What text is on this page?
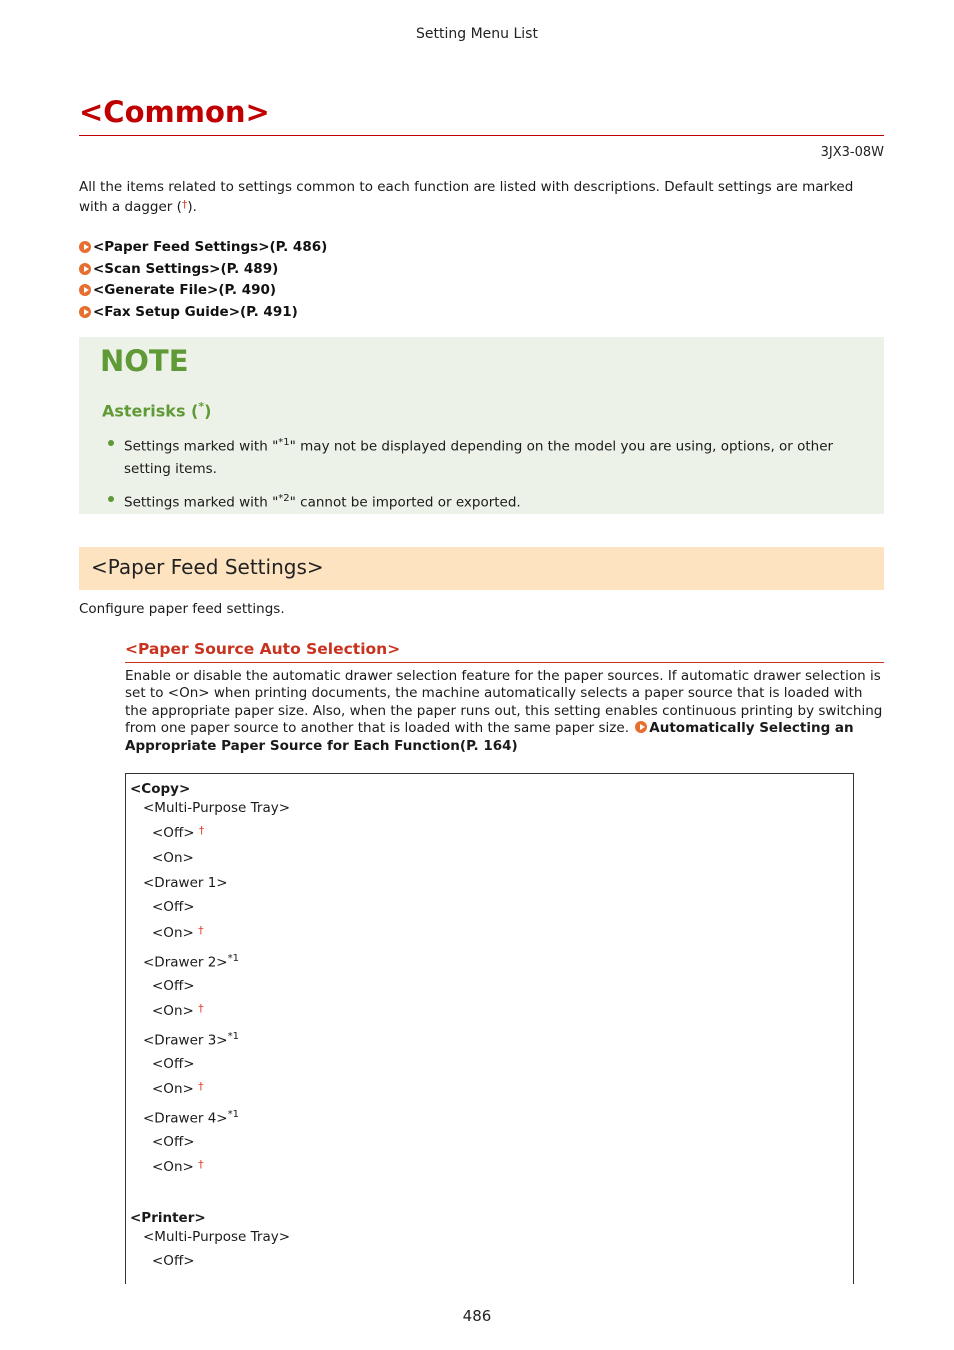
Setting Menu List
<Common>
3JX3-08W
All the items related to settings common to each function are listed with descriptions. Default settings are marked with a dagger (†).
<Paper Feed Settings>(P. 486)
<Scan Settings>(P. 489)
<Generate File>(P. 490)
<Fax Setup Guide>(P. 491)
NOTE
Asterisks (*)
Settings marked with "$^{*1}$" may not be displayed depending on the model you are using, options, or other setting items.
Settings marked with "$^{*2}$" cannot be imported or exported.
<Paper Feed Settings>
Configure paper feed settings.
<Paper Source Auto Selection>
Enable or disable the automatic drawer selection feature for the paper sources. If automatic drawer selection is set to <On> when printing documents, the machine automatically selects a paper source that is loaded with the appropriate paper size. Also, when the paper runs out, this setting enables continuous printing by switching from one paper source to another that is loaded with the same paper size. Automatically Selecting an Appropriate Paper Source for Each Function(P. 164)
<Copy>
<Multi-Purpose Tray>
<Off> †
<On>
<Drawer 1>
<Off>
<On> †
<Drawer 2>$^{*1}$
<Off>
<On> †
<Drawer 3>$^{*1}$
<Off>
<On> †
<Drawer 4>$^{*1}$
<Off>
<On> †
<Printer>
<Multi-Purpose Tray>
<Off>
486
